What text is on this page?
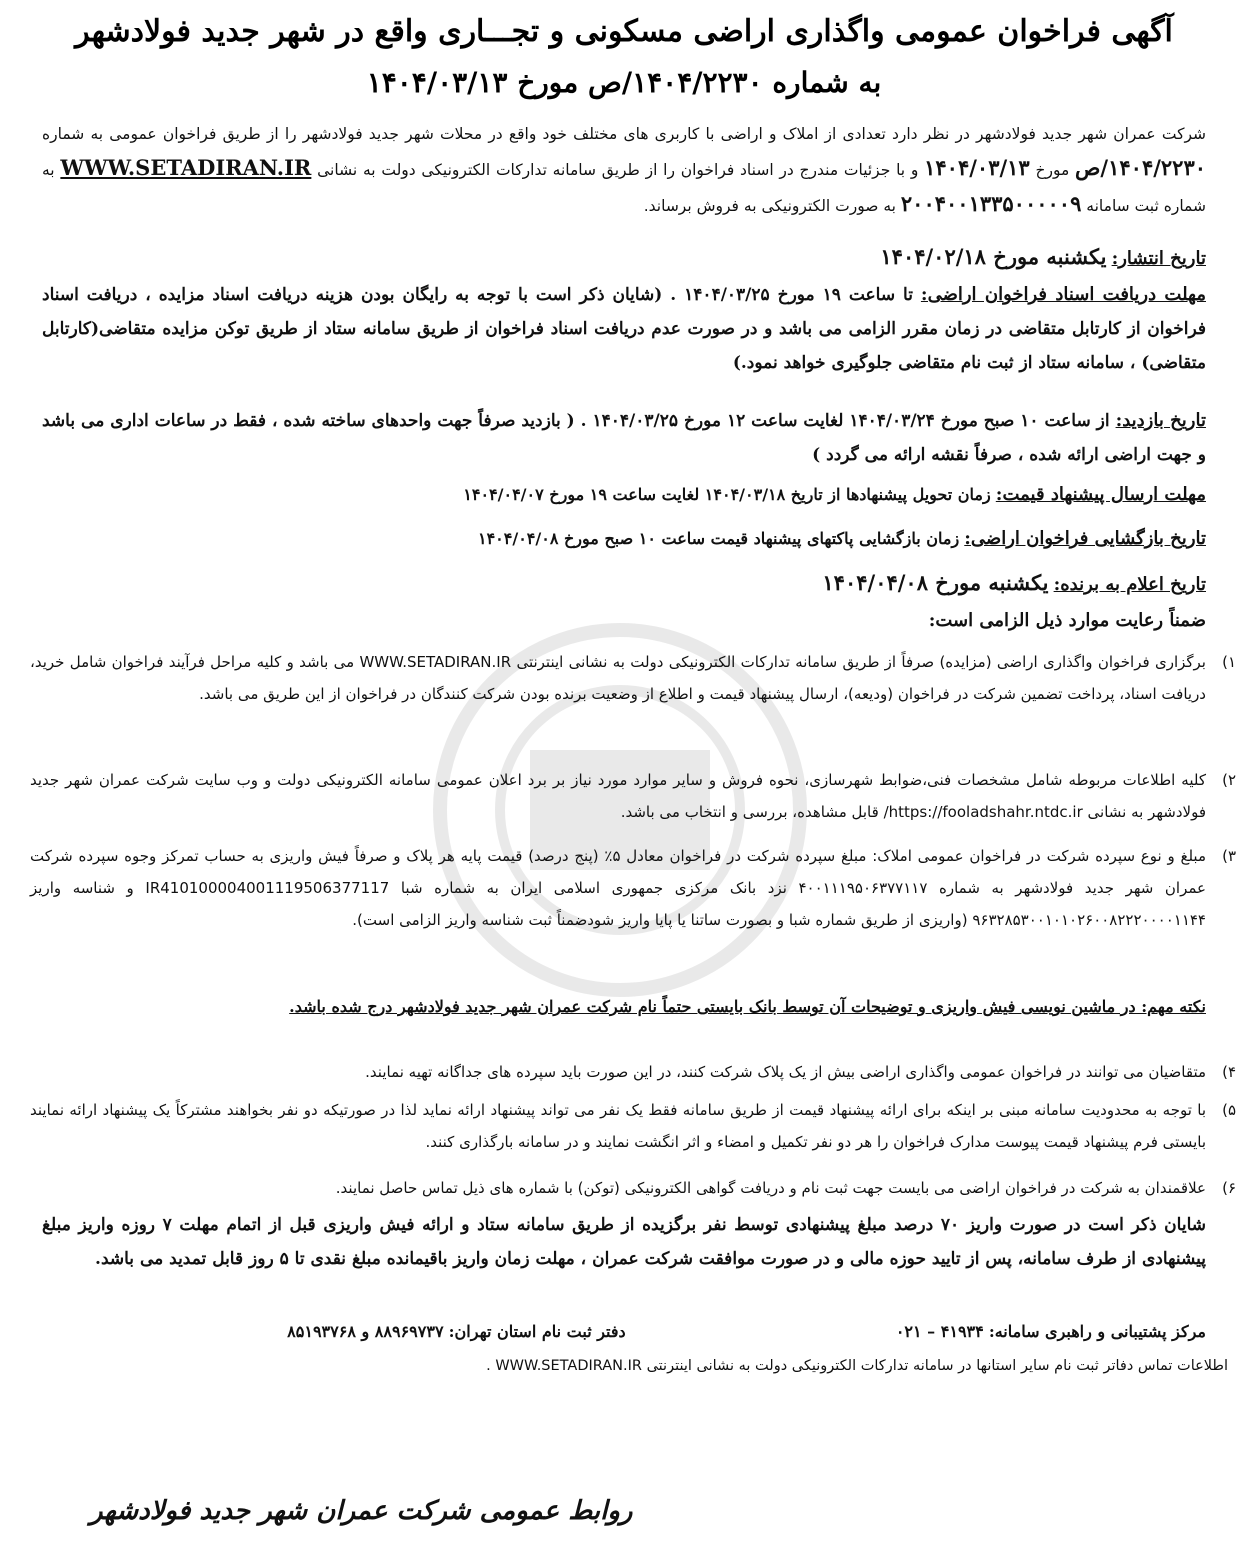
آگهی فراخوان عمومی واگذاری اراضی مسکونی و تجـــاری واقع در شهر جدید فولادشهر
به شماره ۱۴۰۴/۲۲۳۰/ص مورخ ۱۴۰۴/۰۳/۱۳
شرکت عمران شهر جدید فولادشهر در نظر دارد تعدادی از املاک و اراضی با کاربری های مختلف خود واقع در محلات شهر جدید فولادشهر را از طریق فراخوان عمومی به شماره ۱۴۰۴/۲۲۳۰/ص مورخ ۱۴۰۴/۰۳/۱۳ و با جزئیات مندرج در اسناد فراخوان را از طریق سامانه تدارکات الکترونیکی دولت به نشانی WWW.SETADIRAN.IR به شماره ثبت سامانه ۲۰۰۴۰۰۱۳۳۵۰۰۰۰۰۹ به صورت الکترونیکی به فروش برساند.
تاریخ انتشار: یکشنبه مورخ ۱۴۰۴/۰۲/۱۸
مهلت دریافت اسناد فراخوان اراضی: تا ساعت ۱۹ مورخ ۱۴۰۴/۰۳/۲۵ . (شایان ذکر است با توجه به رایگان بودن هزینه دریافت اسناد مزایده ، دریافت اسناد فراخوان از کارتابل متقاضی در زمان مقرر الزامی می باشد و در صورت عدم دریافت اسناد فراخوان از طریق سامانه ستاد از طریق توکن مزایده متقاضی(کارتابل متقاضی) ، سامانه ستاد از ثبت نام متقاضی جلوگیری خواهد نمود.)
تاریخ بازدید: از ساعت ۱۰ صبح مورخ ۱۴۰۴/۰۳/۲۴ لغایت ساعت ۱۲ مورخ ۱۴۰۴/۰۳/۲۵ . ( بازدید صرفاً جهت واحدهای ساخته شده ، فقط در ساعات اداری می باشد و جهت اراضی ارائه شده ، صرفاً نقشه ارائه می گردد )
مهلت ارسال پیشنهاد قیمت: زمان تحویل پیشنهادها از تاریخ ۱۴۰۴/۰۳/۱۸ لغایت ساعت ۱۹ مورخ ۱۴۰۴/۰۴/۰۷
تاریخ بازگشایی فراخوان اراضی: زمان بازگشایی پاکتهای پیشنهاد قیمت ساعت ۱۰ صبح مورخ ۱۴۰۴/۰۴/۰۸
تاریخ اعلام به برنده: یکشنبه مورخ ۱۴۰۴/۰۴/۰۸
ضمناً رعایت موارد ذیل الزامی است:
۱)
برگزاری فراخوان واگذاری اراضی (مزایده) صرفاً از طریق سامانه تدارکات الکترونیکی دولت به نشانی اینترنتی WWW.SETADIRAN.IR می باشد و کلیه مراحل فرآیند فراخوان شامل خرید، دریافت اسناد، پرداخت تضمین شرکت در فراخوان (ودیعه)، ارسال پیشنهاد قیمت و اطلاع از وضعیت برنده بودن شرکت کنندگان در فراخوان از این طریق می باشد.
۲)
کلیه اطلاعات مربوطه شامل مشخصات فنی،ضوابط شهرسازی، نحوه فروش و سایر موارد مورد نیاز بر برد اعلان عمومی سامانه الکترونیکی دولت و وب سایت شرکت عمران شهر جدید فولادشهر به نشانی https://fooladshahr.ntdc.ir/ قابل مشاهده، بررسی و انتخاب می باشد.
۳)
مبلغ و نوع سپرده شرکت در فراخوان عمومی املاک: مبلغ سپرده شرکت در فراخوان معادل ۵٪ (پنج درصد) قیمت پایه هر پلاک و صرفاً فیش واریزی به حساب تمرکز وجوه سپرده شرکت عمران شهر جدید فولادشهر به شماره ۴۰۰۱۱۱۹۵۰۶۳۷۷۱۱۷ نزد بانک مرکزی جمهوری اسلامی ایران به شماره شبا IR410100004001119506377117 و شناسه واریز ۹۶۳۲۸۵۳۰۰۱۰۱۰۲۶۰۰۸۲۲۲۰۰۰۰۱۱۴۴ (واریزی از طریق شماره شبا و بصورت ساتنا یا پایا واریز شودضمناً ثبت شناسه واریز الزامی است).
نکته مهم: در ماشین نویسی فیش واریزی و توضیحات آن توسط بانک بایستی حتماً نام شرکت عمران شهر جدید فولادشهر درج شده باشد.
۴)
متقاضیان می توانند در فراخوان عمومی واگذاری اراضی بیش از یک پلاک شرکت کنند، در این صورت باید سپرده های جداگانه تهیه نمایند.
۵)
با توجه به محدودیت سامانه مبنی بر اینکه برای ارائه پیشنهاد قیمت از طریق سامانه فقط یک نفر می تواند پیشنهاد ارائه نماید لذا در صورتیکه دو نفر بخواهند مشترکاً یک پیشنهاد ارائه نمایند بایستی فرم پیشنهاد قیمت پیوست مدارک فراخوان را هر دو نفر تکمیل و امضاء و اثر انگشت نمایند و در سامانه بارگذاری کنند.
۶)
علاقمندان به شرکت در فراخوان اراضی می بایست جهت ثبت نام و دریافت گواهی الکترونیکی (توکن) با شماره های ذیل تماس حاصل نمایند.
شایان ذکر است در صورت واریز ۷۰ درصد مبلغ پیشنهادی توسط نفر برگزیده از طریق سامانه ستاد و ارائه فیش واریزی قبل از اتمام مهلت ۷ روزه واریز مبلغ پیشنهادی از طرف سامانه، پس از تایید حوزه مالی و در صورت موافقت شرکت عمران ، مهلت زمان واریز باقیمانده مبلغ نقدی تا ۵ روز قابل تمدید می باشد.
مرکز پشتیبانی و راهبری سامانه: ۴۱۹۳۴ – ۰۲۱  دفتر ثبت نام استان تهران: ۸۸۹۶۹۷۳۷ و ۸۵۱۹۳۷۶۸
اطلاعات تماس دفاتر ثبت نام سایر استانها در سامانه تدارکات الکترونیکی دولت به نشانی اینترنتی WWW.SETADIRAN.IR .
روابط عمومی شرکت عمران شهر جدید فولادشهر
